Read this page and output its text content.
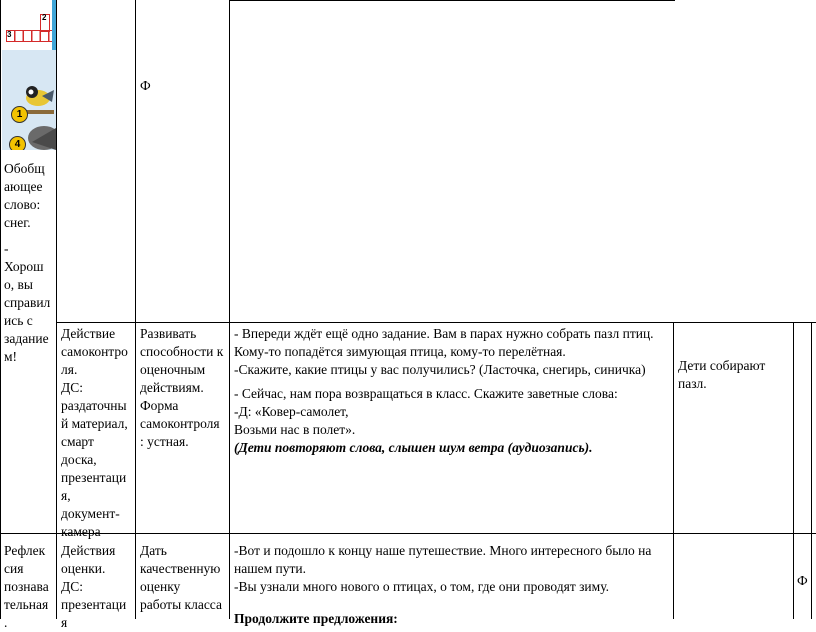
2
3
1
4

Обобщ

ающее

слово:

снег.

-

Хорош

о, вы

справил

ись с

задание

м!

Ф

Действие

самоконтро

ля.

ДС:

раздаточны

й материал,

смарт

доска,

презентаци

я,

документ-

камера

Развивать

способности к

оценочным

действиям.

Форма

самоконтроля

: устная.

- Впереди ждёт ещё одно задание. Вам в парах нужно собрать пазл птиц.

Кому-то попадётся зимующая птица, кому-то перелётная.

-Скажите, какие птицы у вас получились? (Ласточка, снегирь, синичка)

- Сейчас, нам пора возвращаться в класс. Скажите заветные слова:

-Д: «Ковер-самолет,

Возьми нас в полет».

(Дети повторяют слова, слышен шум ветра (аудиозапись).

Дети собирают

пазл.

Рефлек

сия

познава

тельная

.

Действия

оценки.

ДС:

презентаци

я

Дать

качественную

оценку

работы класса

-Вот и подошло к концу наше путешествие. Много интересного было на

нашем пути.

-Вы узнали много нового о птицах, о том, где они проводят зиму.

Продолжите предложения:

Ф
